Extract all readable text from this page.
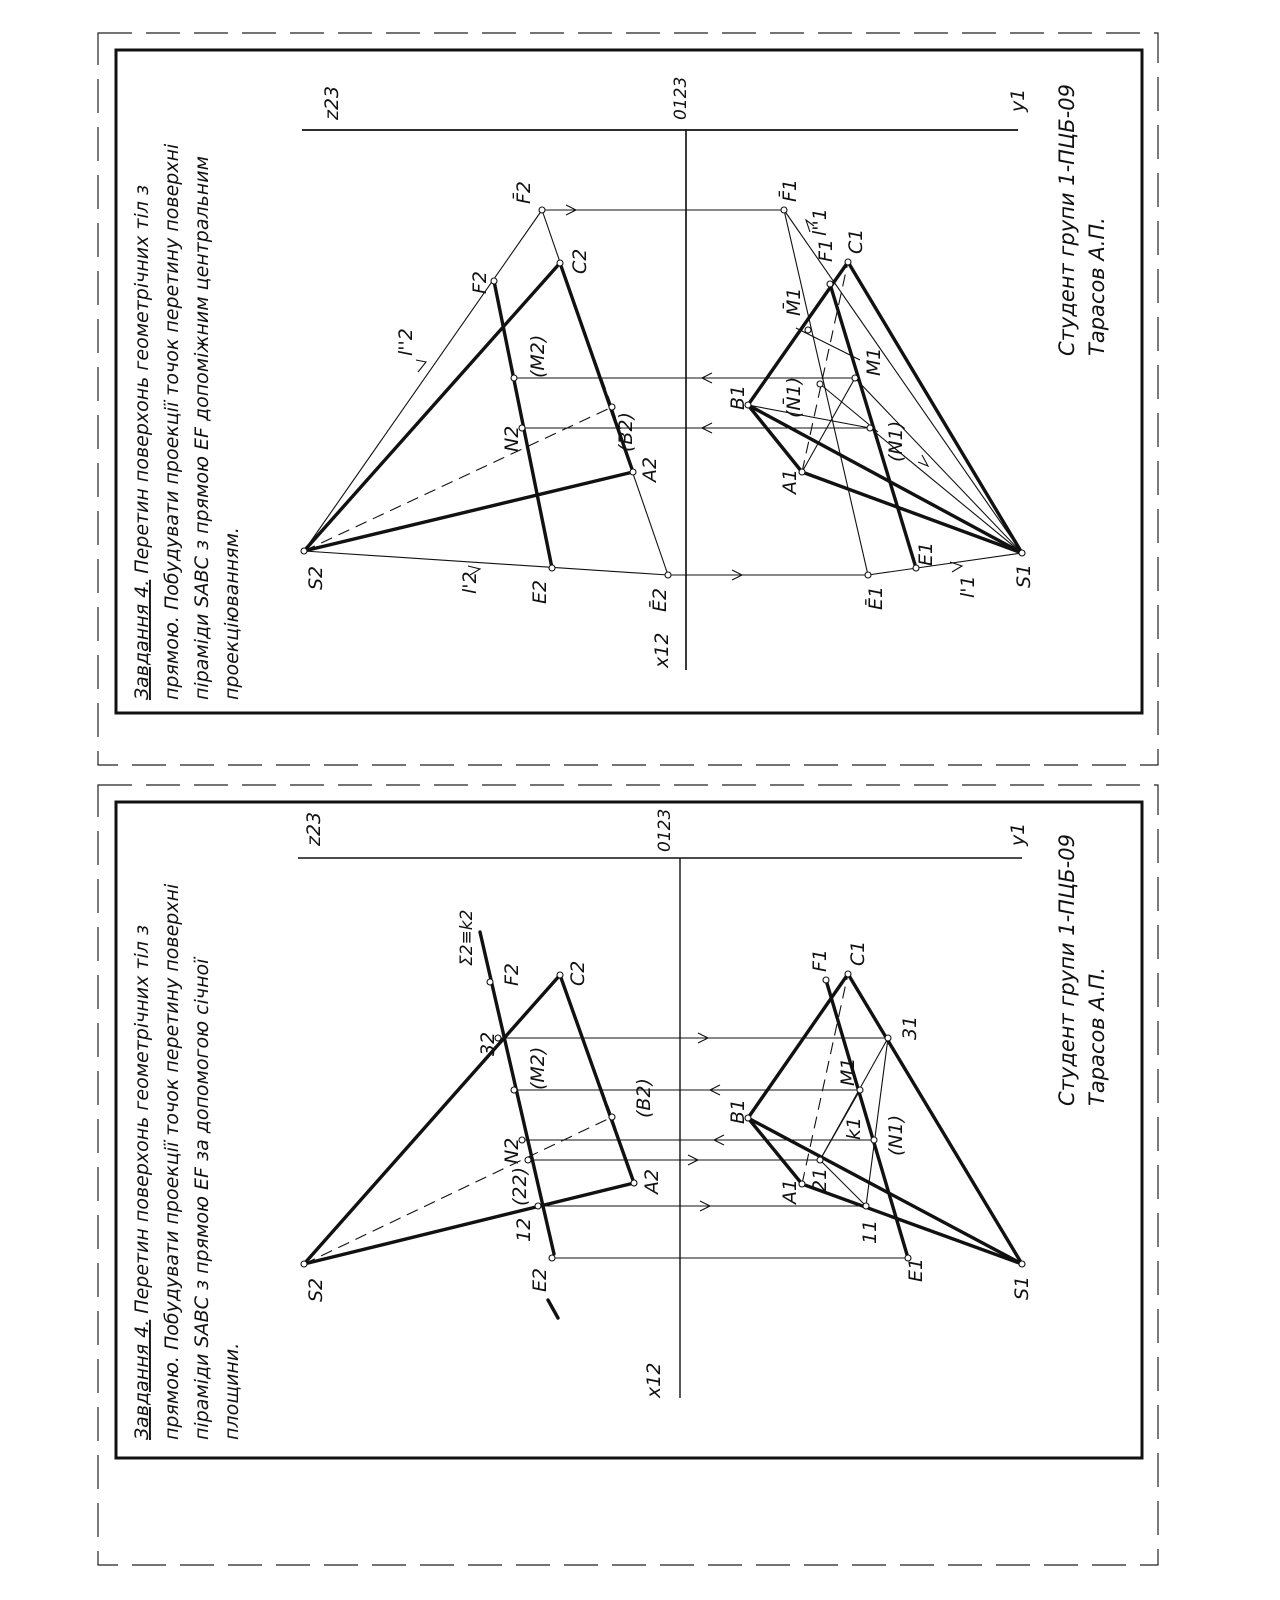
z23	0123	y1
x12
S2
C2
A2
(B2)
F2
E2
N2
(M2)
F̄2
Ē2
l''2
l'2	S1
B1
C1
A1
F1
E1
Ē1
F̄1
M1
M̄1
(N1)
(N̄1)
l'1
l''1
Завдання 4. Перетин поверхонь геометрічних тіл з прямою. Побудувати проекції точок перетину поверхні піраміди SABC з прямою EF допоміжним центральним проекціюванням.
Студент групи 1-ПЦБ-09 Тарасов А.П.
z23	0123	y1
x12
S2
C2
A2
(B2)
F2
Σ2≡k2
E2
N2
(M2)
32
12
(22)
S1
B1
C1
A1
F1
E1
M1
(N1)
k1
31
11
21
Завдання 4. Перетин поверхонь геометрічних тіл з прямою. Побудувати проекції точок перетину поверхні піраміди SABC з прямою EF за допомогою січної площини.
Студент групи 1-ПЦБ-09 Тарасов А.П.
